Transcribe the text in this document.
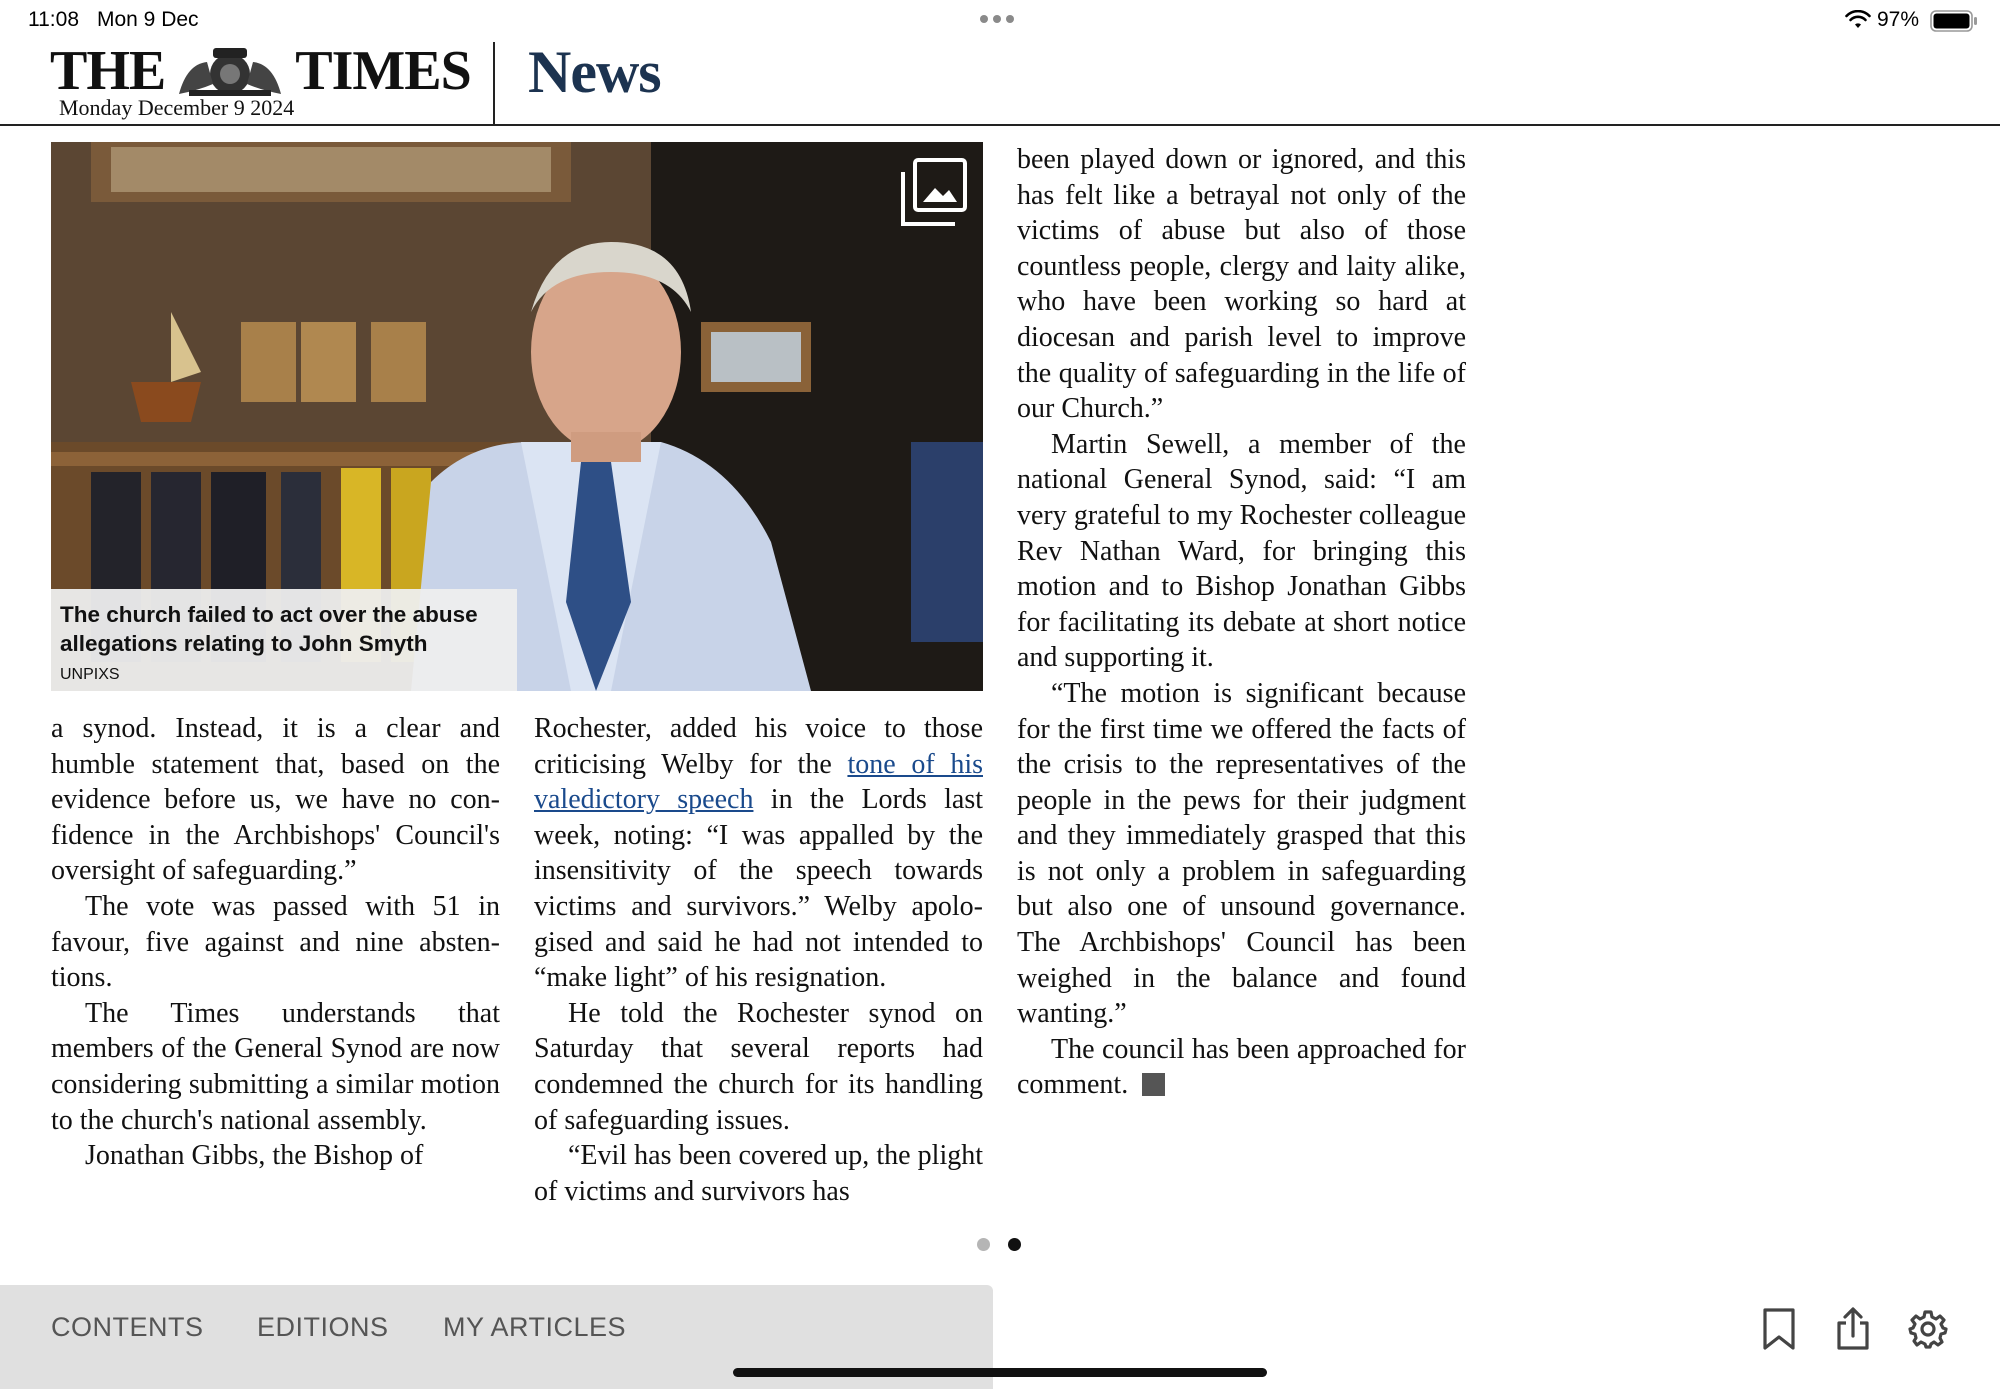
11:08 Mon 9 Dec	97%
THE TIMES
Monday December 9 2024
News
The church failed to act over the abuse allegations relating to John Smyth
UNPIXS

a synod. Instead, it is a clear and humble statement that, based on the evidence before us, we have no confidence in the Archbishops' Council's oversight of safeguarding.”

The vote was passed with 51 in favour, five against and nine abstentions.

The Times understands that members of the General Synod are now considering submitting a similar motion to the church's national assembly.

Jonathan Gibbs, the Bishop of

Rochester, added his voice to those criticising Welby for the tone of his valedictory speech in the Lords last week, noting: “I was appalled by the insensitivity of the speech towards victims and survivors.” Welby apologised and said he had not intended to “make light” of his resignation.

He told the Rochester synod on Saturday that several reports had condemned the church for its handling of safeguarding issues.

“Evil has been covered up, the plight of victims and survivors has

been played down or ignored, and this has felt like a betrayal not only of the victims of abuse but also of those countless people, clergy and laity alike, who have been working so hard at diocesan and parish level to improve the quality of safeguarding in the life of our Church.”

Martin Sewell, a member of the national General Synod, said: “I am very grateful to my Rochester colleague Rev Nathan Ward, for bringing this motion and to Bishop Jonathan Gibbs for facilitating its debate at short notice and supporting it.

“The motion is significant because for the first time we offered the facts of the crisis to the representatives of the people in the pews for their judgment and they immediately grasped that this is not only a problem in safeguarding but also one of unsound governance. The Archbishops' Council has been weighed in the balance and found wanting.”

The council has been approached for comment.

CONTENTS EDITIONS MY ARTICLES
